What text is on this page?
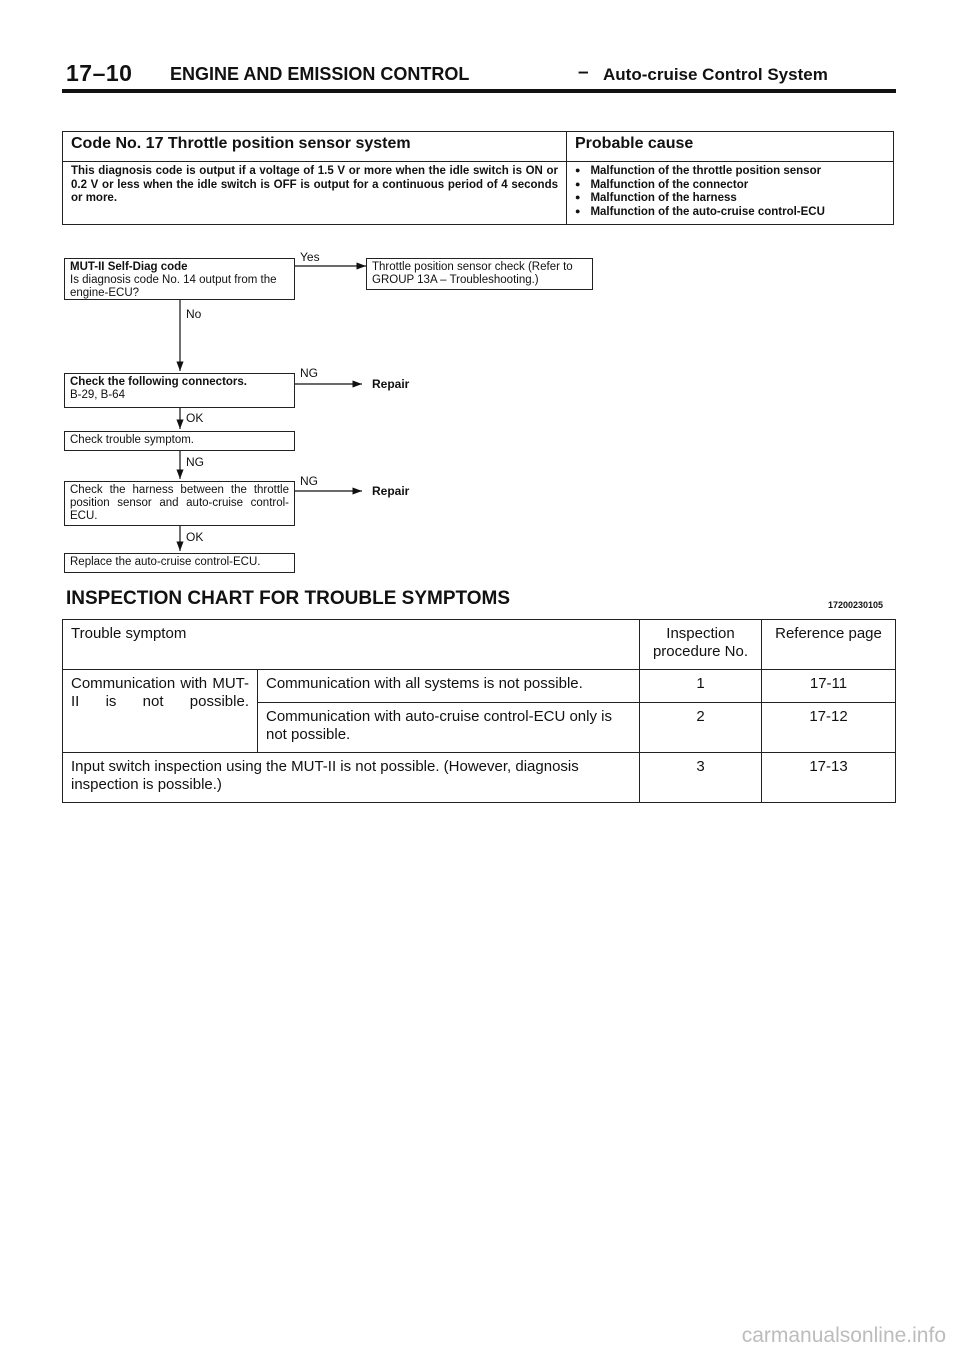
17–10 ENGINE AND EMISSION CONTROL	– Auto-cruise Control System
Code No. 17 Throttle position sensor system	Probable cause
This diagnosis code is output if a voltage of 1.5 V or more when the idle switch is ON or 0.2 V or less when the idle switch is OFF is output for a continuous period of 4 seconds or more.	● Malfunction of the throttle position sensor
● Malfunction of the connector
● Malfunction of the harness
● Malfunction of the auto-cruise control-ECU
MUT-II Self-Diag code
Is diagnosis code No. 14 output from the engine-ECU?
Yes
No
Throttle position sensor check (Refer to GROUP 13A – Troubleshooting.)
Check the following connectors.
B-29, B-64
NG
Repair
OK
Check trouble symptom.
NG
Check the harness between the throttle position sensor and auto-cruise control-ECU.
NG
Repair
OK
Replace the auto-cruise control-ECU.
INSPECTION CHART FOR TROUBLE SYMPTOMS	17200230105
Trouble symptom		Inspection procedure No.	Reference page
Communication with MUT-II is not possible.	Communication with all systems is not possible.	1	17-11
	Communication with auto-cruise control-ECU only is not possible.	2	17-12
Input switch inspection using the MUT-II is not possible. (However, diagnosis inspection is possible.)		3	17-13
carmanualsonline.info
